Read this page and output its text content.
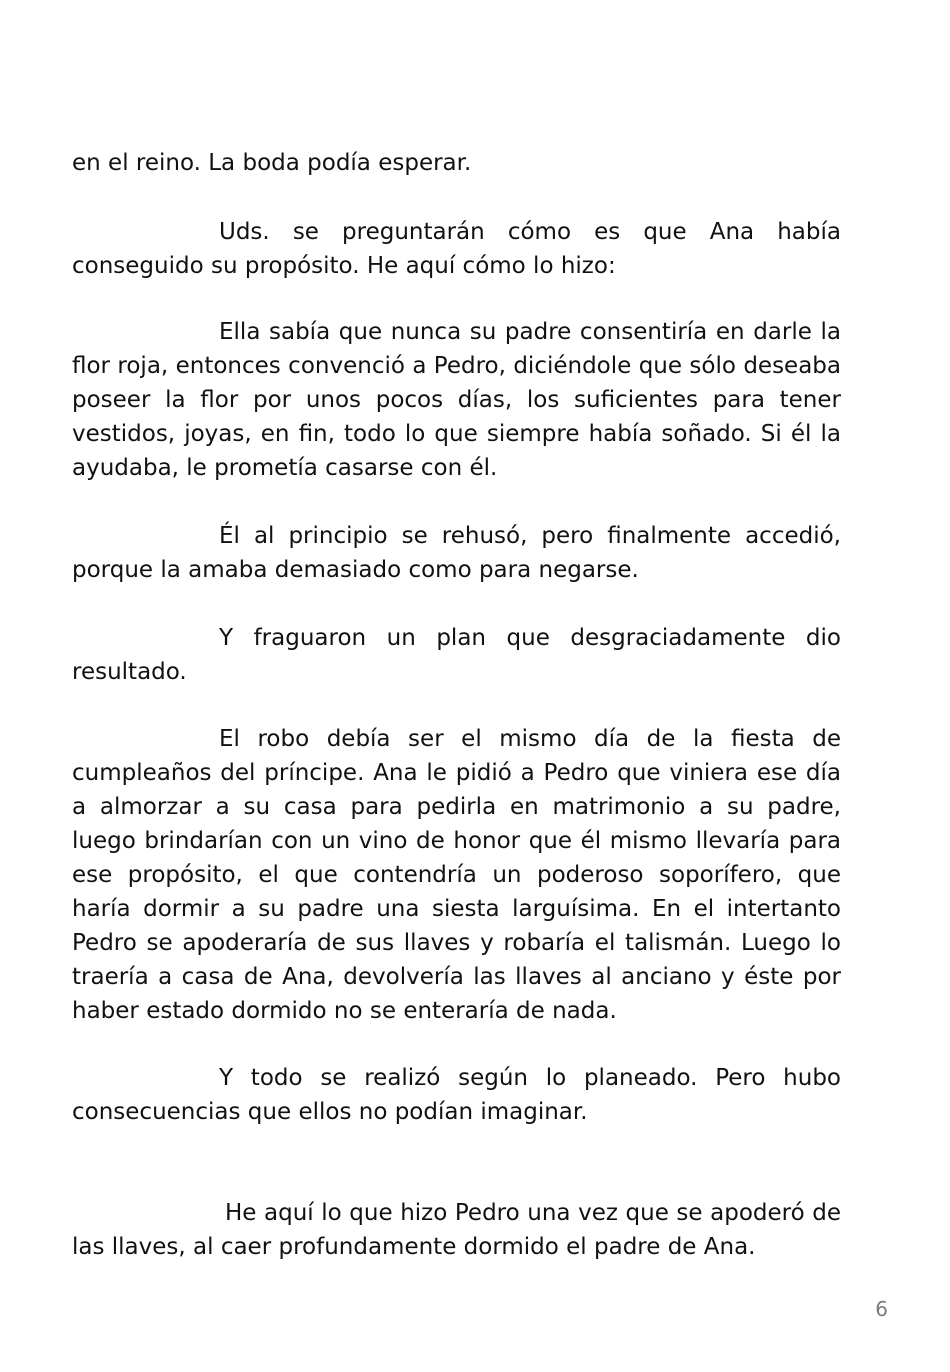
en el reino. La boda podía esperar.

Uds. se preguntarán cómo es que Ana había conseguido su propósito. He aquí cómo lo hizo:

Ella sabía que nunca su padre consentiría en darle la flor roja, entonces convenció a Pedro, diciéndole que sólo deseaba poseer la flor por unos pocos días, los suficientes para tener vestidos, joyas, en fin, todo lo que siempre había soñado. Si él la ayudaba, le prometía casarse con él.

Él al principio se rehusó, pero finalmente accedió, porque la amaba demasiado como para negarse.

Y fraguaron un plan que desgraciadamente dio resultado.

El robo debía ser el mismo día de la fiesta de cumpleaños del príncipe. Ana le pidió a Pedro que viniera ese día a almorzar a su casa para pedirla en matrimonio a su padre, luego brindarían con un vino de honor que él mismo llevaría para ese propósito, el que contendría un poderoso soporífero, que haría dormir a su padre una siesta larguísima. En el intertanto Pedro se apoderaría de sus llaves y robaría el talismán. Luego lo traería a casa de Ana, devolvería las llaves al anciano y éste por haber estado dormido no se enteraría de nada.

Y todo se realizó según lo planeado. Pero hubo consecuencias que ellos no podían imaginar.

He aquí lo que hizo Pedro una vez que se apoderó de las llaves, al caer profundamente dormido el padre de Ana.

6
